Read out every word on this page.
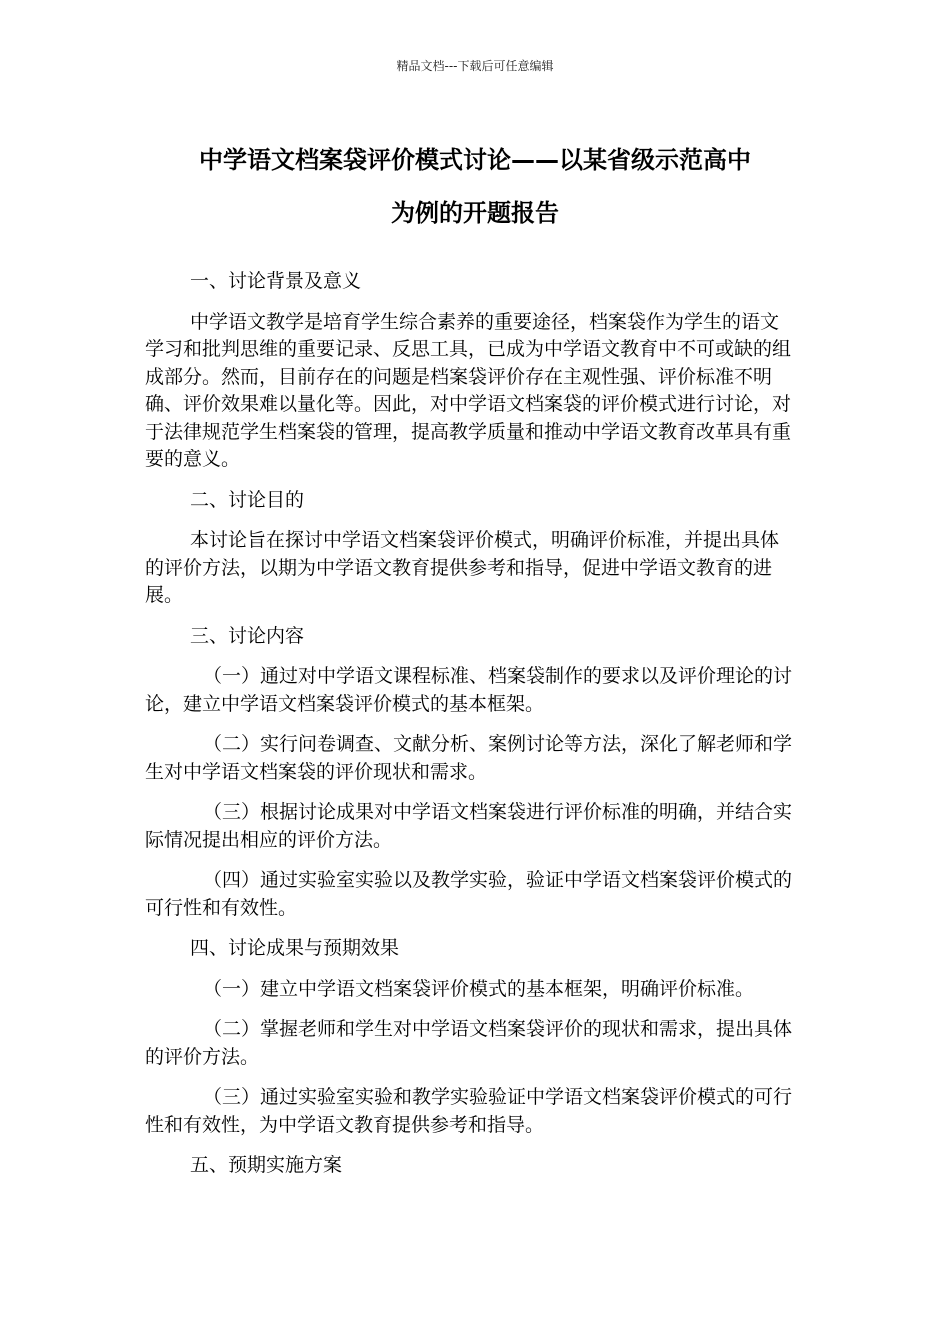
精品文档---下载后可任意编辑
中学语文档案袋评价模式讨论——以某省级示范高中
为例的开题报告

一、讨论背景及意义

中学语文教学是培育学生综合素养的重要途径，档案袋作为学生的语文学习和批判思维的重要记录、反思工具，已成为中学语文教育中不可或缺的组成部分。然而，目前存在的问题是档案袋评价存在主观性强、评价标准不明确、评价效果难以量化等。因此，对中学语文档案袋的评价模式进行讨论，对于法律规范学生档案袋的管理，提高教学质量和推动中学语文教育改革具有重要的意义。

二、讨论目的

本讨论旨在探讨中学语文档案袋评价模式，明确评价标准，并提出具体的评价方法，以期为中学语文教育提供参考和指导，促进中学语文教育的进展。

三、讨论内容

（一）通过对中学语文课程标准、档案袋制作的要求以及评价理论的讨论，建立中学语文档案袋评价模式的基本框架。

（二）实行问卷调查、文献分析、案例讨论等方法，深化了解老师和学生对中学语文档案袋的评价现状和需求。

（三）根据讨论成果对中学语文档案袋进行评价标准的明确，并结合实际情况提出相应的评价方法。

（四）通过实验室实验以及教学实验，验证中学语文档案袋评价模式的可行性和有效性。

四、讨论成果与预期效果

（一）建立中学语文档案袋评价模式的基本框架，明确评价标准。

（二）掌握老师和学生对中学语文档案袋评价的现状和需求，提出具体的评价方法。

（三）通过实验室实验和教学实验验证中学语文档案袋评价模式的可行性和有效性，为中学语文教育提供参考和指导。

五、预期实施方案
